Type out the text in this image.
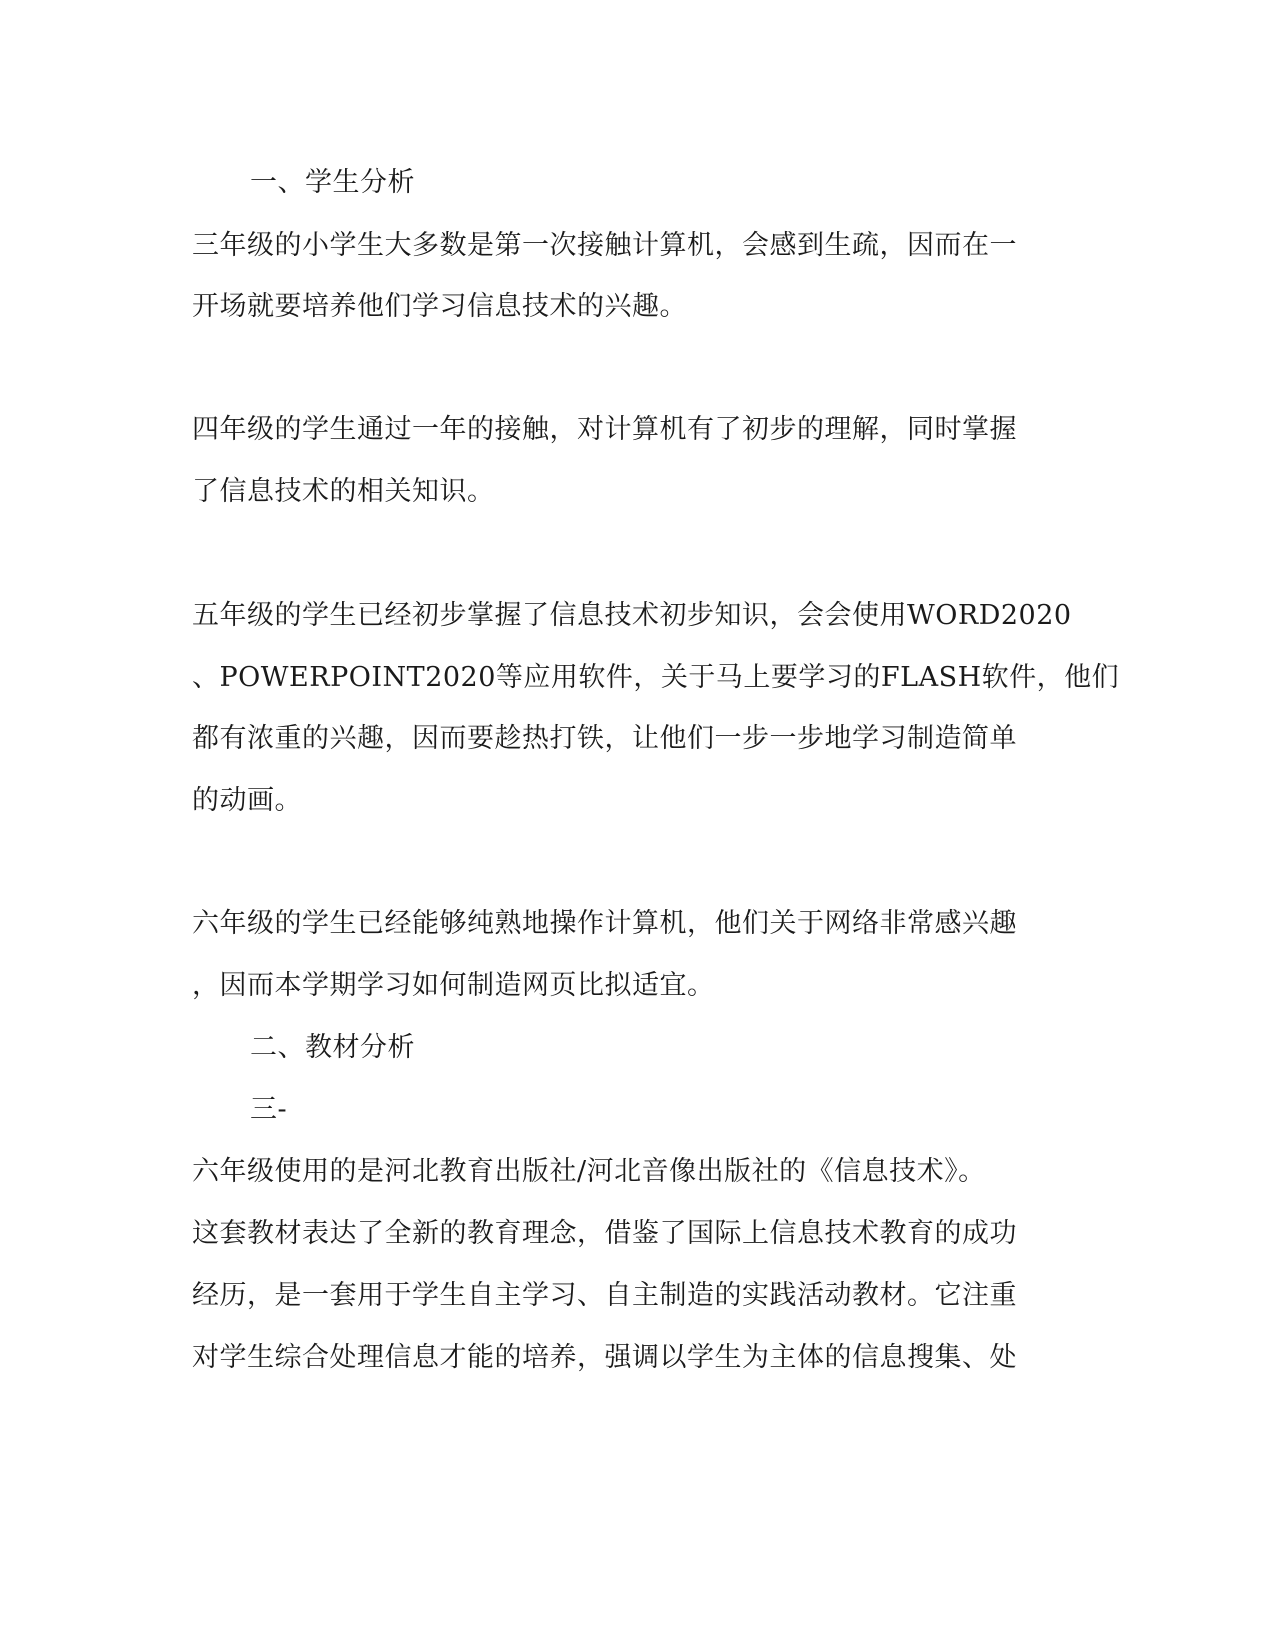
一、学生分析
三年级的小学生大多数是第一次接触计算机，会感到生疏，因而在一
开场就要培养他们学习信息技术的兴趣。
四年级的学生通过一年的接触，对计算机有了初步的理解，同时掌握
了信息技术的相关知识。
五年级的学生已经初步掌握了信息技术初步知识，会会使用WORD2020
、POWERPOINT2020等应用软件，关于马上要学习的FLASH软件，他们
都有浓重的兴趣，因而要趁热打铁，让他们一步一步地学习制造简单
的动画。
六年级的学生已经能够纯熟地操作计算机，他们关于网络非常感兴趣
，因而本学期学习如何制造网页比拟适宜。
二、教材分析
三-
六年级使用的是河北教育出版社/河北音像出版社的《信息技术》。
这套教材表达了全新的教育理念，借鉴了国际上信息技术教育的成功
经历，是一套用于学生自主学习、自主制造的实践活动教材。它注重
对学生综合处理信息才能的培养，强调以学生为主体的信息搜集、处
